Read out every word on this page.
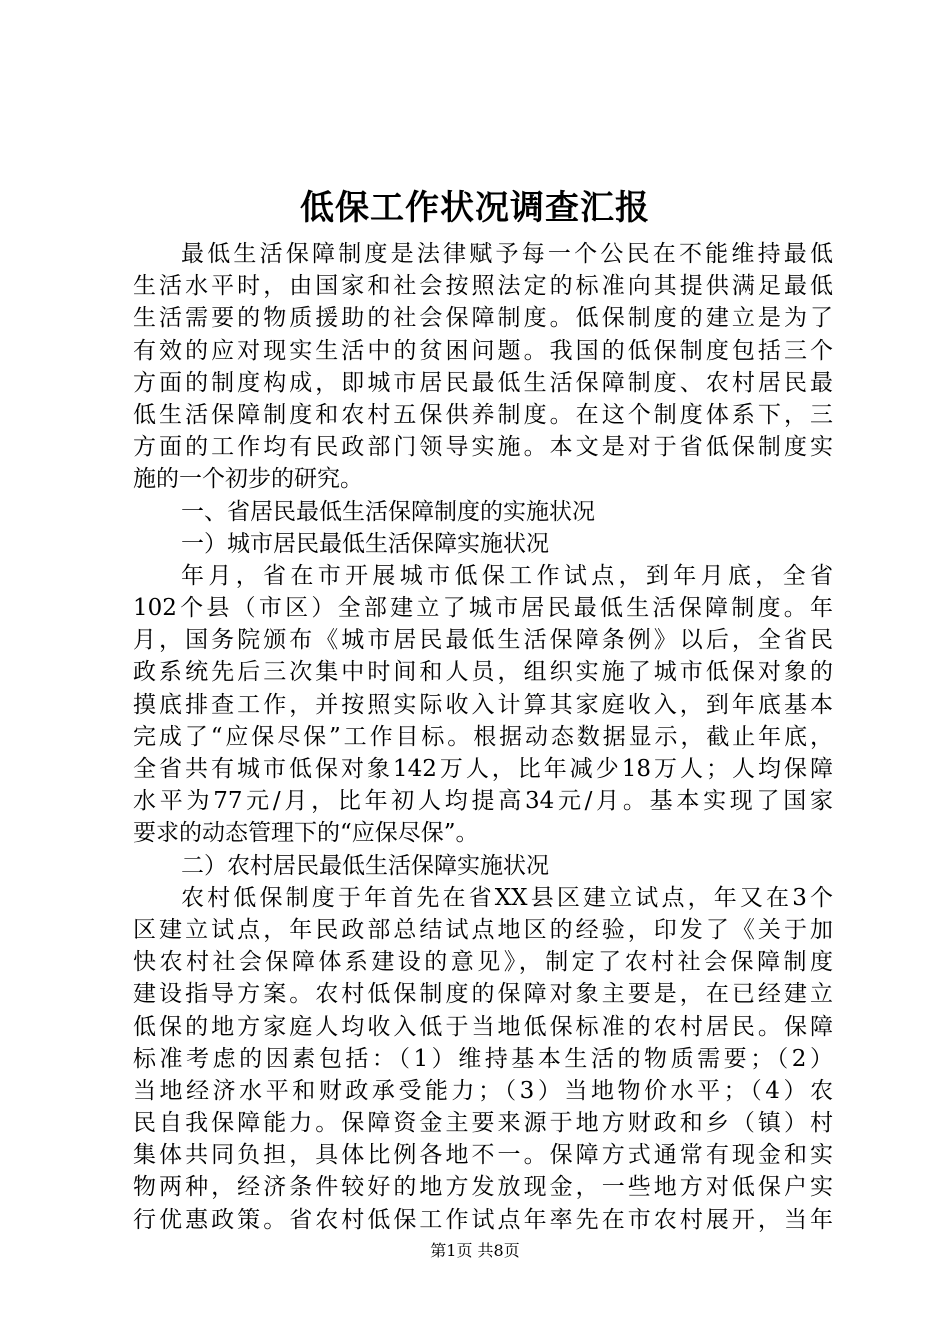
低保工作状况调查汇报
最低生活保障制度是法律赋予每一个公民在不能维持最低
生活水平时，由国家和社会按照法定的标准向其提供满足最低
生活需要的物质援助的社会保障制度。低保制度的建立是为了
有效的应对现实生活中的贫困问题。我国的低保制度包括三个
方面的制度构成，即城市居民最低生活保障制度、农村居民最
低生活保障制度和农村五保供养制度。在这个制度体系下，三
方面的工作均有民政部门领导实施。本文是对于省低保制度实
施的一个初步的研究。
一、省居民最低生活保障制度的实施状况
一）城市居民最低生活保障实施状况
年月，省在市开展城市低保工作试点，到年月底，全省
102个县（市区）全部建立了城市居民最低生活保障制度。年
月，国务院颁布《城市居民最低生活保障条例》以后，全省民
政系统先后三次集中时间和人员，组织实施了城市低保对象的
摸底排查工作，并按照实际收入计算其家庭收入，到年底基本
完成了“应保尽保”工作目标。根据动态数据显示，截止年底，
全省共有城市低保对象142万人，比年减少18万人；人均保障
水平为77元/月，比年初人均提高34元/月。基本实现了国家
要求的动态管理下的“应保尽保”。
二）农村居民最低生活保障实施状况
农村低保制度于年首先在省XX县区建立试点，年又在3个
区建立试点，年民政部总结试点地区的经验，印发了《关于加
快农村社会保障体系建设的意见》，制定了农村社会保障制度
建设指导方案。农村低保制度的保障对象主要是，在已经建立
低保的地方家庭人均收入低于当地低保标准的农村居民。保障
标准考虑的因素包括：（1）维持基本生活的物质需要；（2）
当地经济水平和财政承受能力；（3）当地物价水平；（4）农
民自我保障能力。保障资金主要来源于地方财政和乡（镇）村
集体共同负担，具体比例各地不一。保障方式通常有现金和实
物两种，经济条件较好的地方发放现金，一些地方对低保户实
行优惠政策。省农村低保工作试点年率先在市农村展开，当年
第1页 共8页
